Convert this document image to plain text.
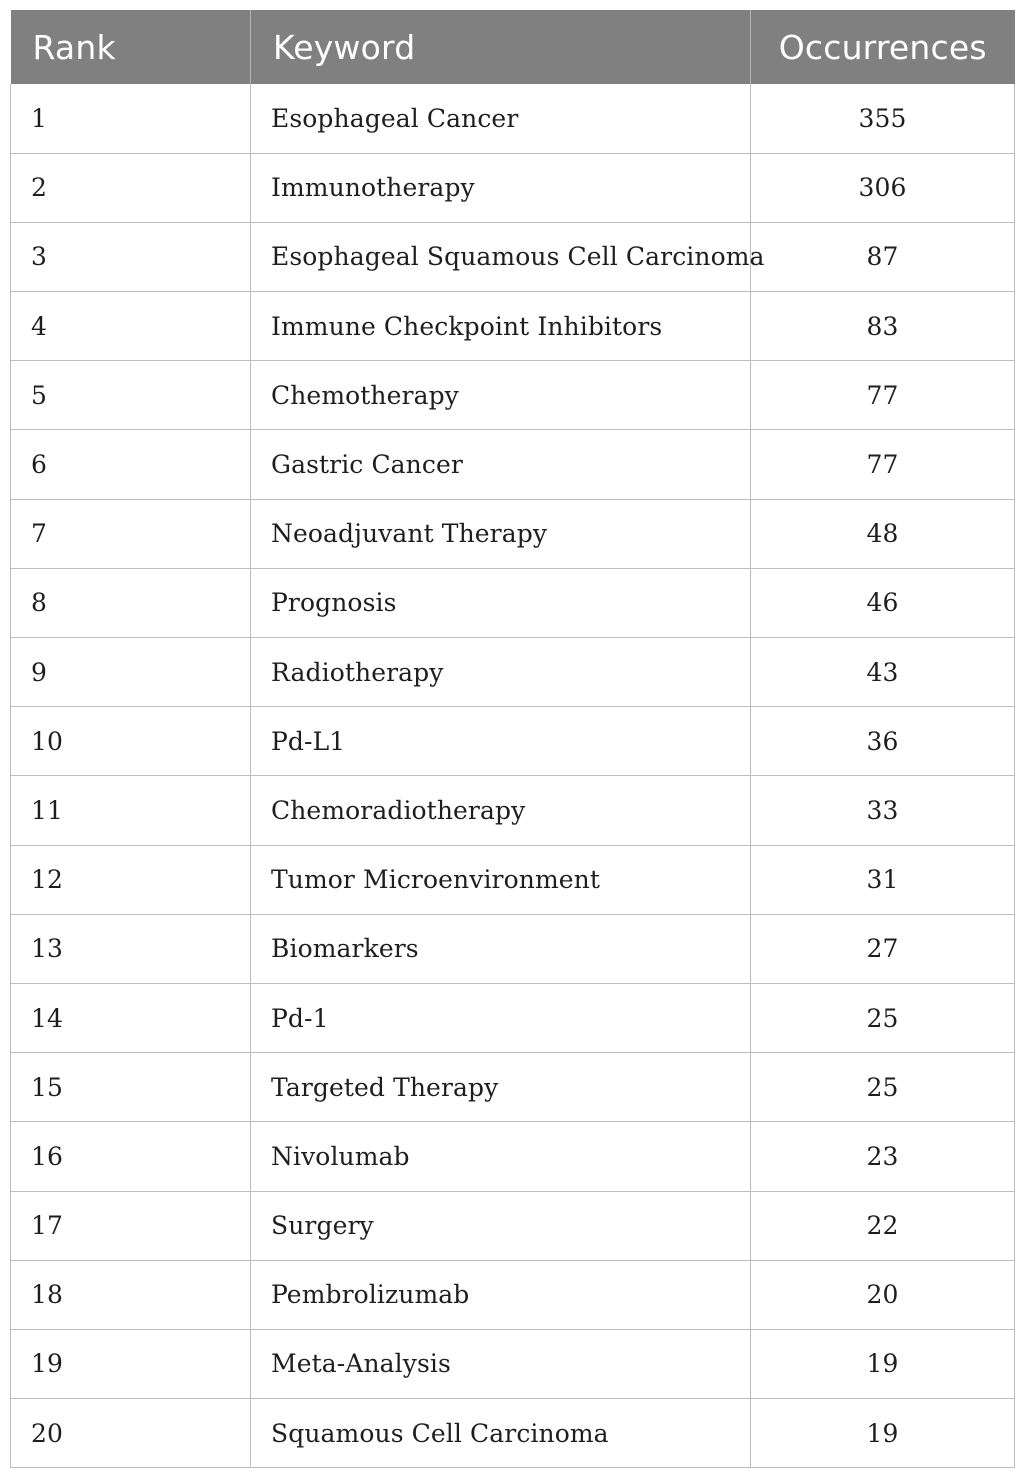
Rank	Keyword	Occurrences
1	Esophageal Cancer	355
2	Immunotherapy	306
3	Esophageal Squamous Cell Carcinoma	87
4	Immune Checkpoint Inhibitors	83
5	Chemotherapy	77
6	Gastric Cancer	77
7	Neoadjuvant Therapy	48
8	Prognosis	46
9	Radiotherapy	43
10	Pd-L1	36
11	Chemoradiotherapy	33
12	Tumor Microenvironment	31
13	Biomarkers	27
14	Pd-1	25
15	Targeted Therapy	25
16	Nivolumab	23
17	Surgery	22
18	Pembrolizumab	20
19	Meta-Analysis	19
20	Squamous Cell Carcinoma	19
